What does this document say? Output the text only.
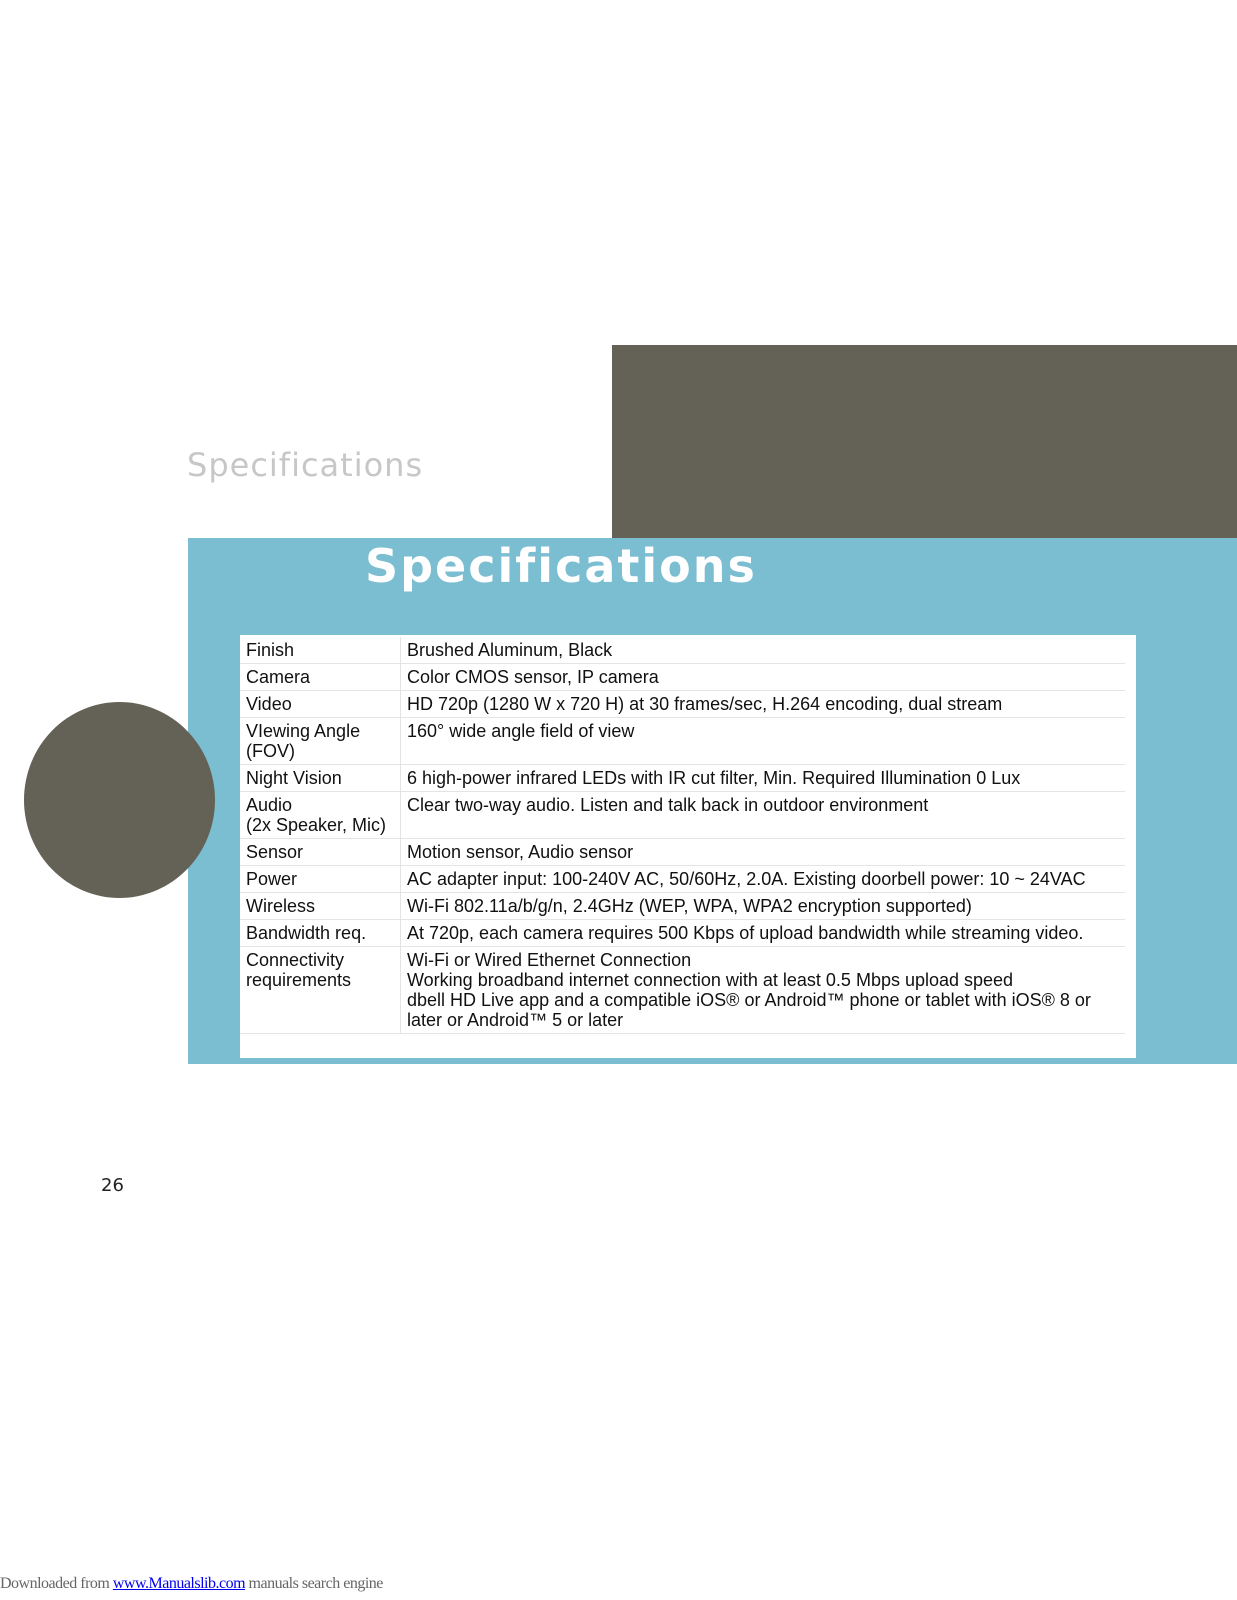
Specifications
Specifications
Finish	Brushed Aluminum, Black
Camera	Color CMOS sensor, IP camera
Video	HD 720p (1280 W x 720 H) at 30 frames/sec, H.264 encoding, dual stream
VIewing Angle
(FOV)	160° wide angle field of view
Night Vision	6 high-power infrared LEDs with IR cut filter, Min. Required Illumination 0 Lux
Audio
(2x Speaker, Mic)	Clear two-way audio. Listen and talk back in outdoor environment
Sensor	Motion sensor, Audio sensor
Power	AC adapter input: 100-240V AC, 50/60Hz, 2.0A. Existing doorbell power: 10 ~ 24VAC
Wireless	Wi-Fi 802.11a/b/g/n, 2.4GHz (WEP, WPA, WPA2 encryption supported)
Bandwidth req.	At 720p, each camera requires 500 Kbps of upload bandwidth while streaming video.
Connectivity
requirements	Wi-Fi or Wired Ethernet Connection
Working broadband internet connection with at least 0.5 Mbps upload speed
dbell HD Live app and a compatible iOS® or Android™ phone or tablet with iOS® 8 or later or Android™ 5 or later
26
Downloaded from www.Manualslib.com manuals search engine
